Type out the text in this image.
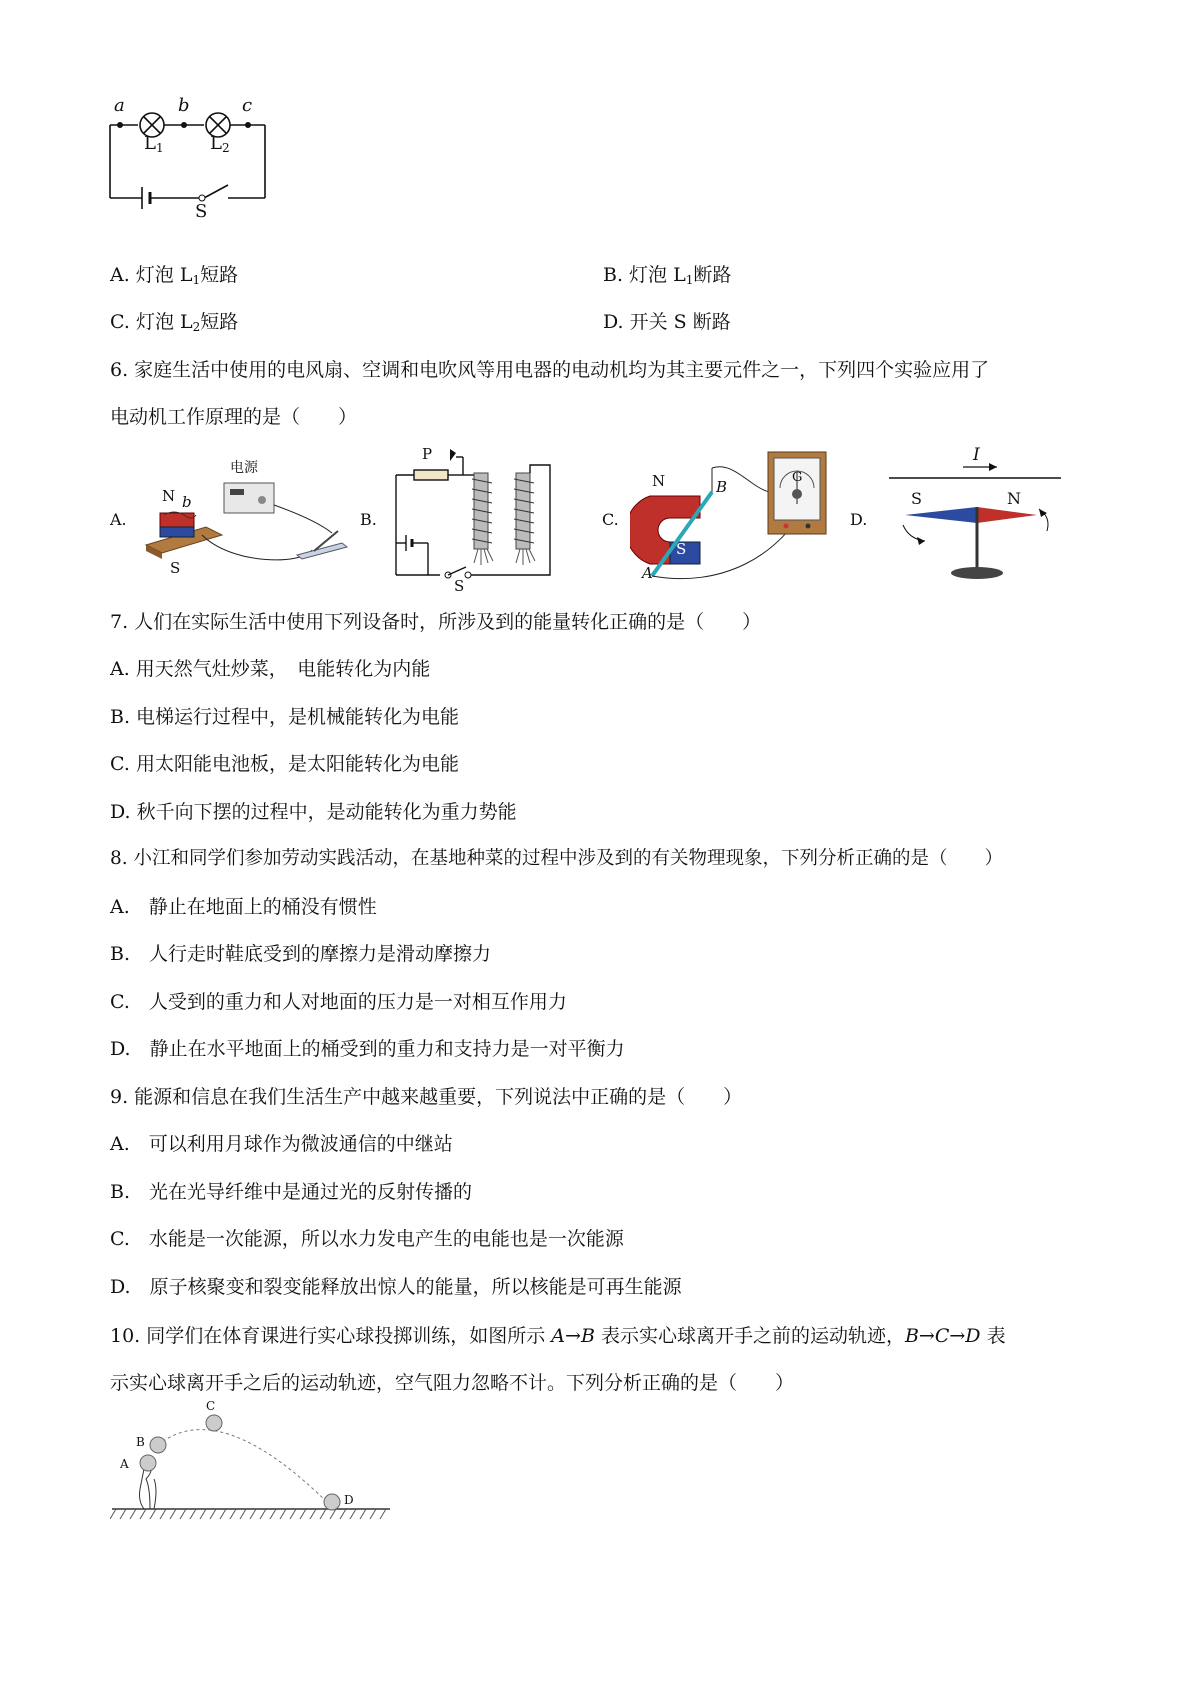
a	b	c
$L_1$	$L_2$
S
A. 灯泡 $L_1$短路	B. 灯泡 $L_1$断路
C. 灯泡 $L_2$短路	D. 开关 S 断路
6. 家庭生活中使用的电风扇、空调和电吹风等用电器的电动机均为其主要元件之一，下列四个实验应用了
电动机工作原理的是（　　）
A.
电源
N b
S
B.
P
S
C.
N	B
A
S
G
D.
I
S	N
7. 人们在实际生活中使用下列设备时，所涉及到的能量转化正确的是（　　）
A. 用天然气灶炒菜，　电能转化为内能
B. 电梯运行过程中，是机械能转化为电能
C. 用太阳能电池板，是太阳能转化为电能
D. 秋千向下摆的过程中，是动能转化为重力势能
8. 小江和同学们参加劳动实践活动，在基地种菜的过程中涉及到的有关物理现象，下列分析正确的是（　　）
A.　静止在地面上的桶没有惯性
B.　人行走时鞋底受到的摩擦力是滑动摩擦力
C.　人受到的重力和人对地面的压力是一对相互作用力
D.　静止在水平地面上的桶受到的重力和支持力是一对平衡力
9. 能源和信息在我们生活生产中越来越重要，下列说法中正确的是（　　）
A.　可以利用月球作为微波通信的中继站
B.　光在光导纤维中是通过光的反射传播的
C.　水能是一次能源，所以水力发电产生的电能也是一次能源
D.　原子核聚变和裂变能释放出惊人的能量，所以核能是可再生能源
10. 同学们在体育课进行实心球投掷训练，如图所示 A→B 表示实心球离开手之前的运动轨迹，B→C→D 表
示实心球离开手之后的运动轨迹，空气阻力忽略不计。下列分析正确的是（　　）
A
B
C
D
